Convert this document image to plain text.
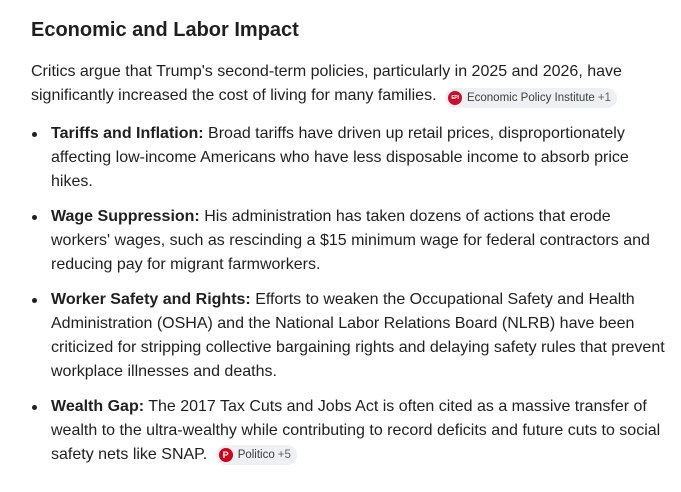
Economic and Labor Impact
Critics argue that Trump's second-term policies, particularly in 2025 and 2026, have significantly increased the cost of living for many families.	EPI Economic Policy Institute +1
Tariffs and Inflation: Broad tariffs have driven up retail prices, disproportionately affecting low-income Americans who have less disposable income to absorb price hikes.
Wage Suppression: His administration has taken dozens of actions that erode workers' wages, such as rescinding a $15 minimum wage for federal contractors and reducing pay for migrant farmworkers.
Worker Safety and Rights: Efforts to weaken the Occupational Safety and Health Administration (OSHA) and the National Labor Relations Board (NLRB) have been criticized for stripping collective bargaining rights and delaying safety rules that prevent workplace illnesses and deaths.
Wealth Gap: The 2017 Tax Cuts and Jobs Act is often cited as a massive transfer of wealth to the ultra-wealthy while contributing to record deficits and future cuts to social safety nets like SNAP.	P Politico +5
